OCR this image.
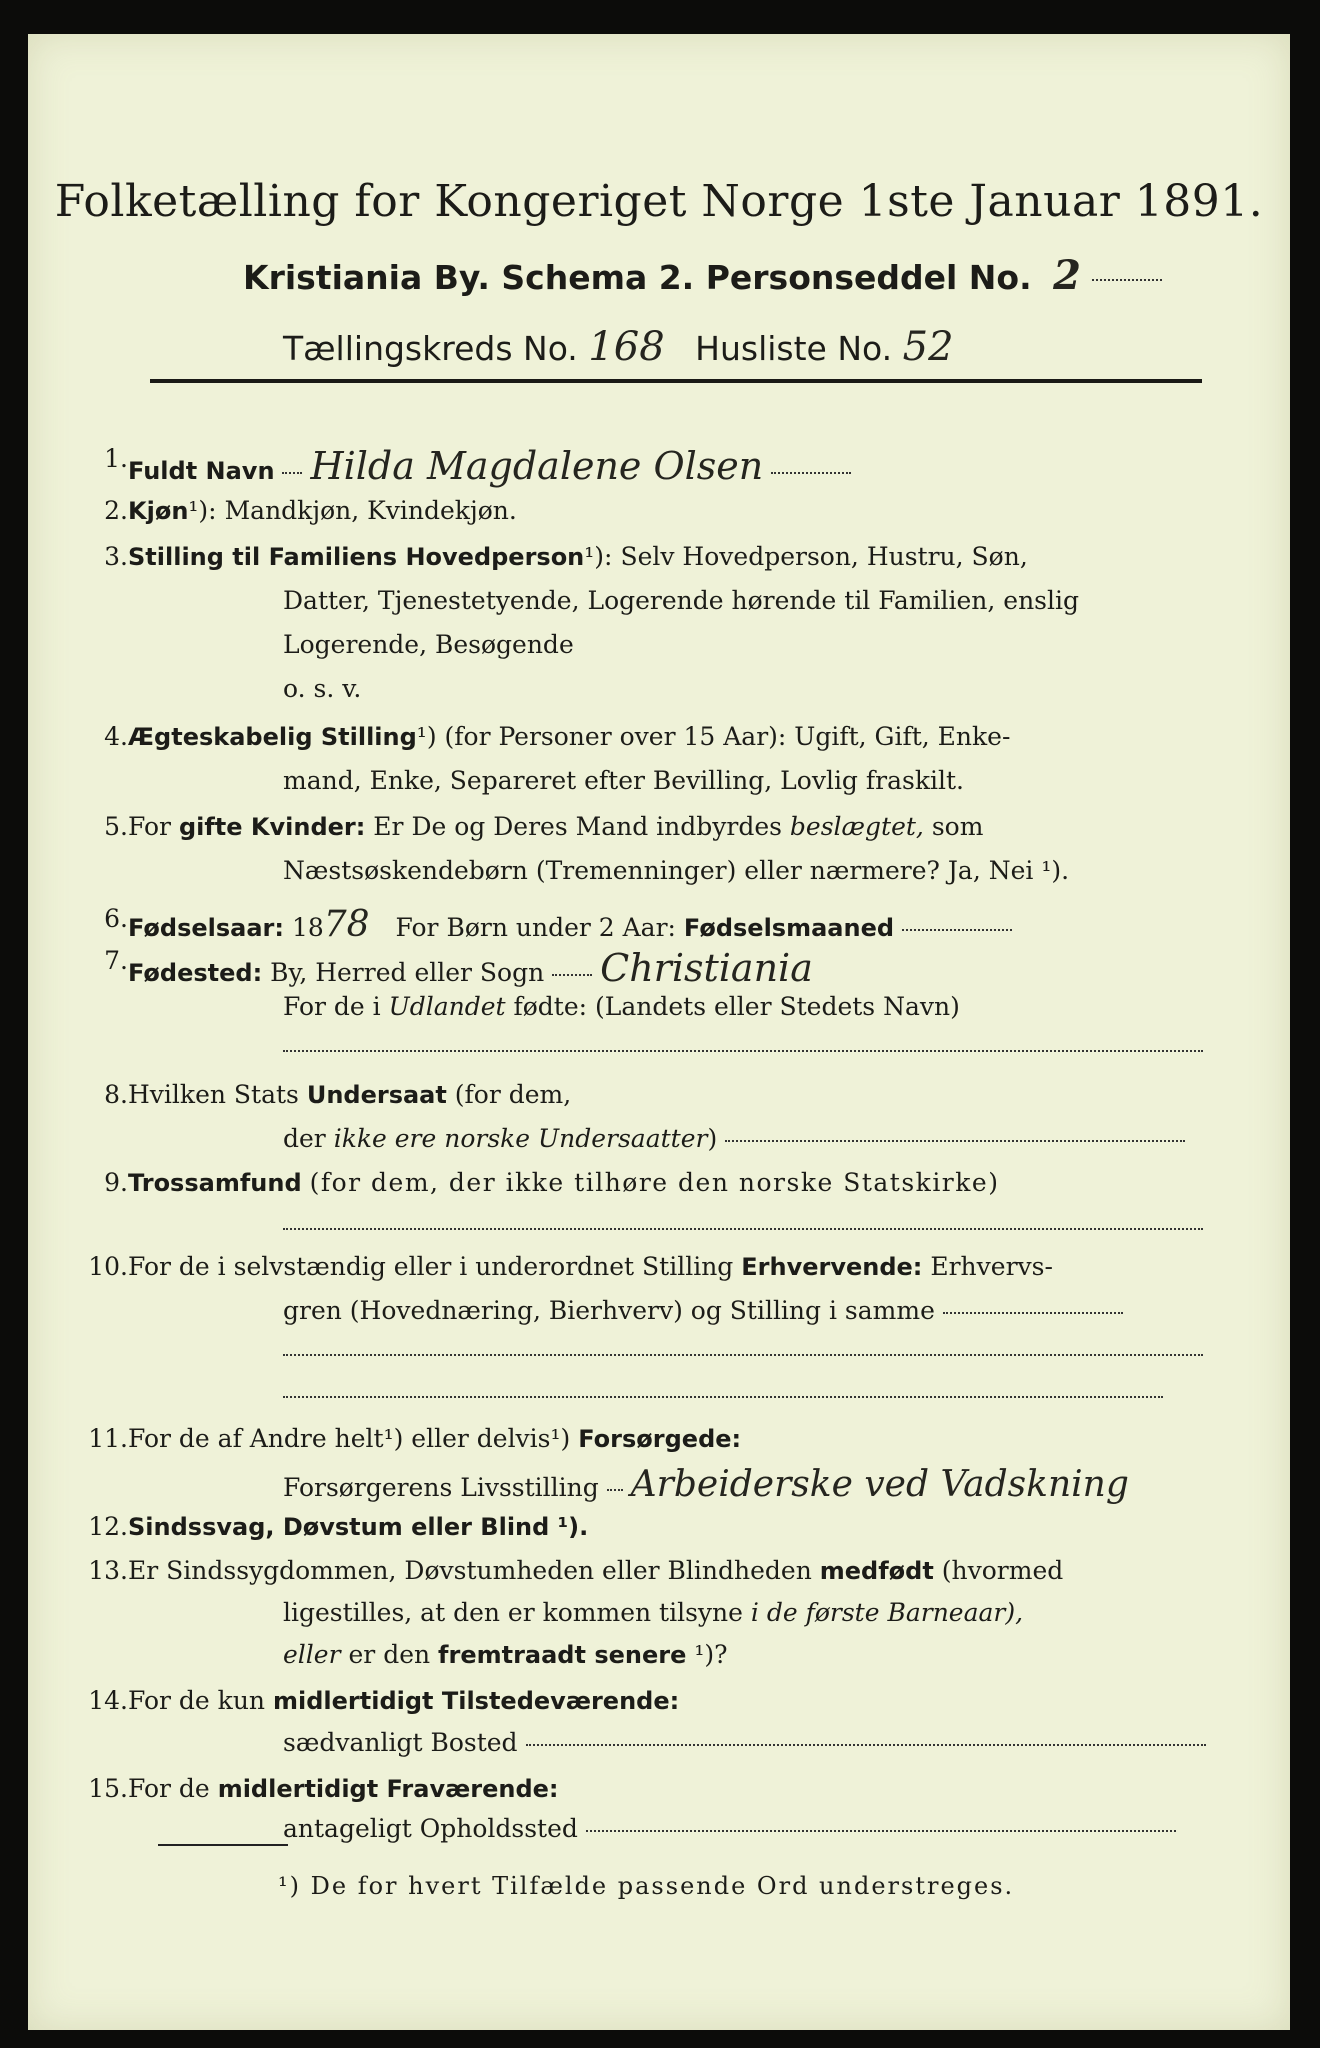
Folketælling for Kongeriget Norge 1ste Januar 1891.
Kristiania By. Schema 2. Personseddel No. 2
Tællingskreds No. 168 Husliste No. 52
1. Fuldt Navn Hilda Magdalene Olsen
2. Kjøn¹): Mandkjøn, Kvindekjøn.
3. Stilling til Familiens Hovedperson¹): Selv Hovedperson, Hustru, Søn,
Datter, Tjenestetyende, Logerende hørende til Familien, enslig
Logerende, Besøgende
o. s. v.
4. Ægteskabelig Stilling¹) (for Personer over 15 Aar): Ugift, Gift, Enke-
mand, Enke, Separeret efter Bevilling, Lovlig fraskilt.
5. For gifte Kvinder: Er De og Deres Mand indbyrdes beslægtet, som
Næstsøskendebørn (Tremenninger) eller nærmere? Ja, Nei ¹).
6. Fødselsaar: 1878 For Børn under 2 Aar: Fødselsmaaned
7. Fødested: By, Herred eller Sogn Christiania
For de i Udlandet fødte: (Landets eller Stedets Navn)
8. Hvilken Stats Undersaat (for dem,
der ikke ere norske Undersaatter)
9. Trossamfund (for dem, der ikke tilhøre den norske Statskirke)
10. For de i selvstændig eller i underordnet Stilling Erhvervende: Erhvervs-
gren (Hovednæring, Bierhverv) og Stilling i samme
11. For de af Andre helt¹) eller delvis¹) Forsørgede:
Forsørgerens Livsstilling Arbeiderske ved Vadskning
12. Sindssvag, Døvstum eller Blind ¹).
13. Er Sindssygdommen, Døvstumheden eller Blindheden medfødt (hvormed
ligestilles, at den er kommen tilsyne i de første Barneaar),
eller er den fremtraadt senere ¹)?
14. For de kun midlertidigt Tilstedeværende:
sædvanligt Bosted
15. For de midlertidigt Fraværende:
antageligt Opholdssted
¹) De for hvert Tilfælde passende Ord understreges.
